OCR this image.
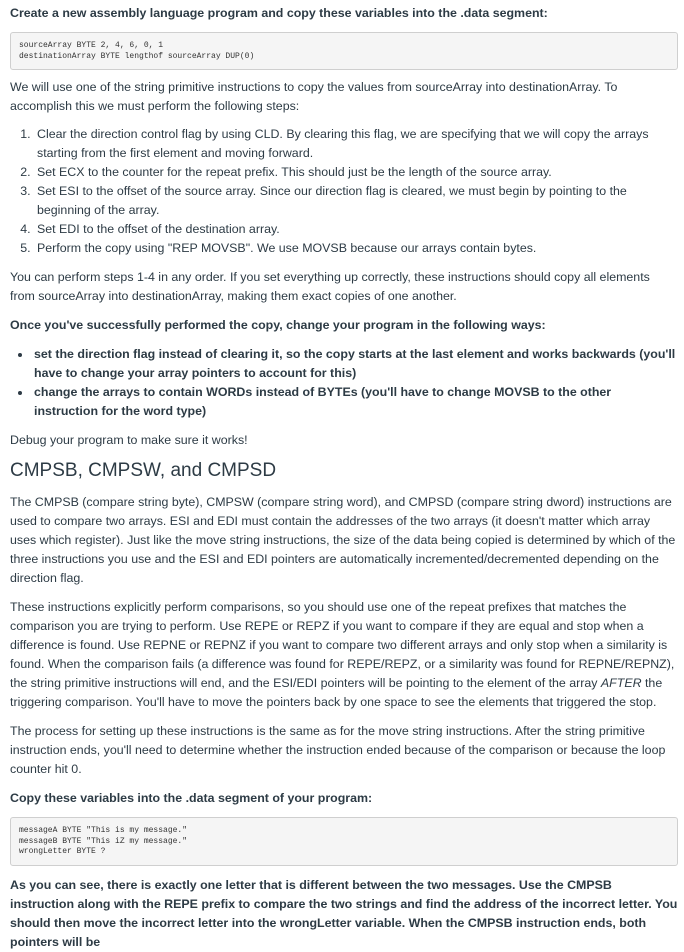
Create a new assembly language program and copy these variables into the .data segment:

sourceArray BYTE 2, 4, 6, 0, 1
destinationArray BYTE lengthof sourceArray DUP(0)

We will use one of the string primitive instructions to copy the values from sourceArray into destinationArray. To accomplish this we must perform the following steps:

1. Clear the direction control flag by using CLD. By clearing this flag, we are specifying that we will copy the arrays starting from the first element and moving forward.
2. Set ECX to the counter for the repeat prefix. This should just be the length of the source array.
3. Set ESI to the offset of the source array. Since our direction flag is cleared, we must begin by pointing to the beginning of the array.
4. Set EDI to the offset of the destination array.
5. Perform the copy using "REP MOVSB". We use MOVSB because our arrays contain bytes.

You can perform steps 1-4 in any order. If you set everything up correctly, these instructions should copy all elements from sourceArray into destinationArray, making them exact copies of one another.

Once you've successfully performed the copy, change your program in the following ways:

• set the direction flag instead of clearing it, so the copy starts at the last element and works backwards (you'll have to change your array pointers to account for this)
• change the arrays to contain WORDs instead of BYTEs (you'll have to change MOVSB to the other instruction for the word type)

Debug your program to make sure it works!

CMPSB, CMPSW, and CMPSD

The CMPSB (compare string byte), CMPSW (compare string word), and CMPSD (compare string dword) instructions are used to compare two arrays. ESI and EDI must contain the addresses of the two arrays (it doesn't matter which array uses which register). Just like the move string instructions, the size of the data being copied is determined by which of the three instructions you use and the ESI and EDI pointers are automatically incremented/decremented depending on the direction flag.

These instructions explicitly perform comparisons, so you should use one of the repeat prefixes that matches the comparison you are trying to perform. Use REPE or REPZ if you want to compare if they are equal and stop when a difference is found. Use REPNE or REPNZ if you want to compare two different arrays and only stop when a similarity is found. When the comparison fails (a difference was found for REPE/REPZ, or a similarity was found for REPNE/REPNZ), the string primitive instructions will end, and the ESI/EDI pointers will be pointing to the element of the array AFTER the triggering comparison. You'll have to move the pointers back by one space to see the elements that triggered the stop.

The process for setting up these instructions is the same as for the move string instructions. After the string primitive instruction ends, you'll need to determine whether the instruction ended because of the comparison or because the loop counter hit 0.

Copy these variables into the .data segment of your program:

messageA BYTE "This is my message."
messageB BYTE "This iZ my message."
wrongLetter BYTE ?

As you can see, there is exactly one letter that is different between the two messages. Use the CMPSB instruction along with the REPE prefix to compare the two strings and find the address of the incorrect letter. You should then move the incorrect letter into the wrongLetter variable. When the CMPSB instruction ends, both pointers will be
